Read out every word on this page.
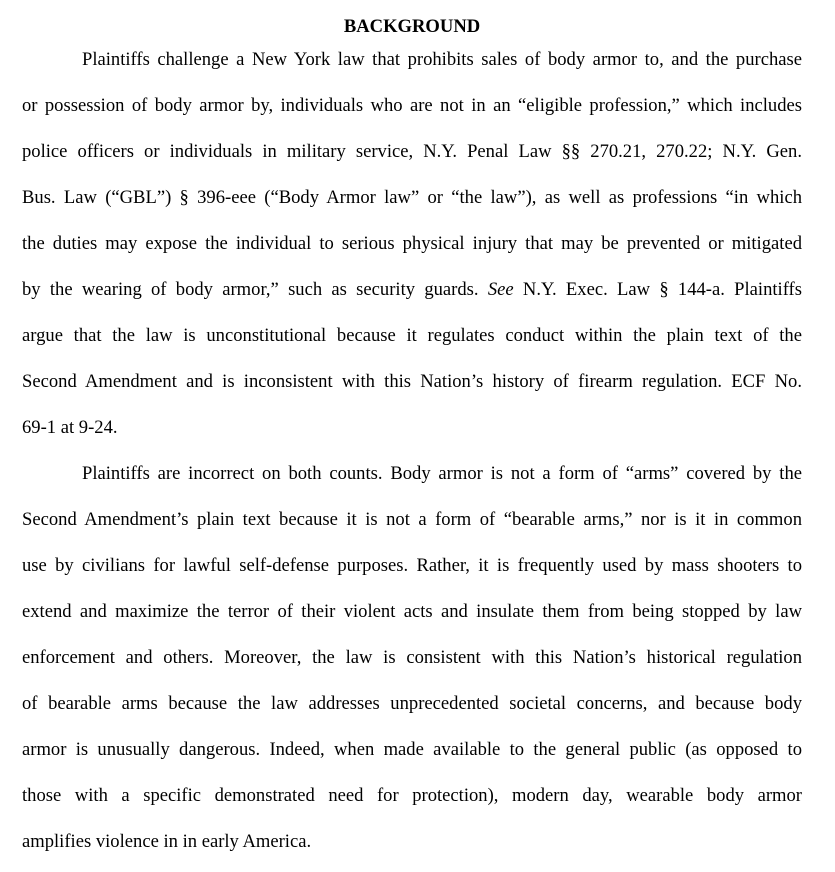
BACKGROUND
Plaintiffs challenge a New York law that prohibits sales of body armor to, and the purchase
or possession of body armor by, individuals who are not in an “eligible profession,” which includes
police officers or individuals in military service, N.Y. Penal Law §§ 270.21, 270.22; N.Y. Gen.
Bus. Law (“GBL”) § 396-eee (“Body Armor law” or “the law”), as well as professions “in which
the duties may expose the individual to serious physical injury that may be prevented or mitigated
by the wearing of body armor,” such as security guards. See N.Y. Exec. Law § 144-a. Plaintiffs
argue that the law is unconstitutional because it regulates conduct within the plain text of the
Second Amendment and is inconsistent with this Nation’s history of firearm regulation. ECF No.
69-1 at 9-24.
Plaintiffs are incorrect on both counts. Body armor is not a form of “arms” covered by the
Second Amendment’s plain text because it is not a form of “bearable arms,” nor is it in common
use by civilians for lawful self-defense purposes. Rather, it is frequently used by mass shooters to
extend and maximize the terror of their violent acts and insulate them from being stopped by law
enforcement and others. Moreover, the law is consistent with this Nation’s historical regulation
of bearable arms because the law addresses unprecedented societal concerns, and because body
armor is unusually dangerous. Indeed, when made available to the general public (as opposed to
those with a specific demonstrated need for protection), modern day, wearable body armor
amplifies violence in in early America.
